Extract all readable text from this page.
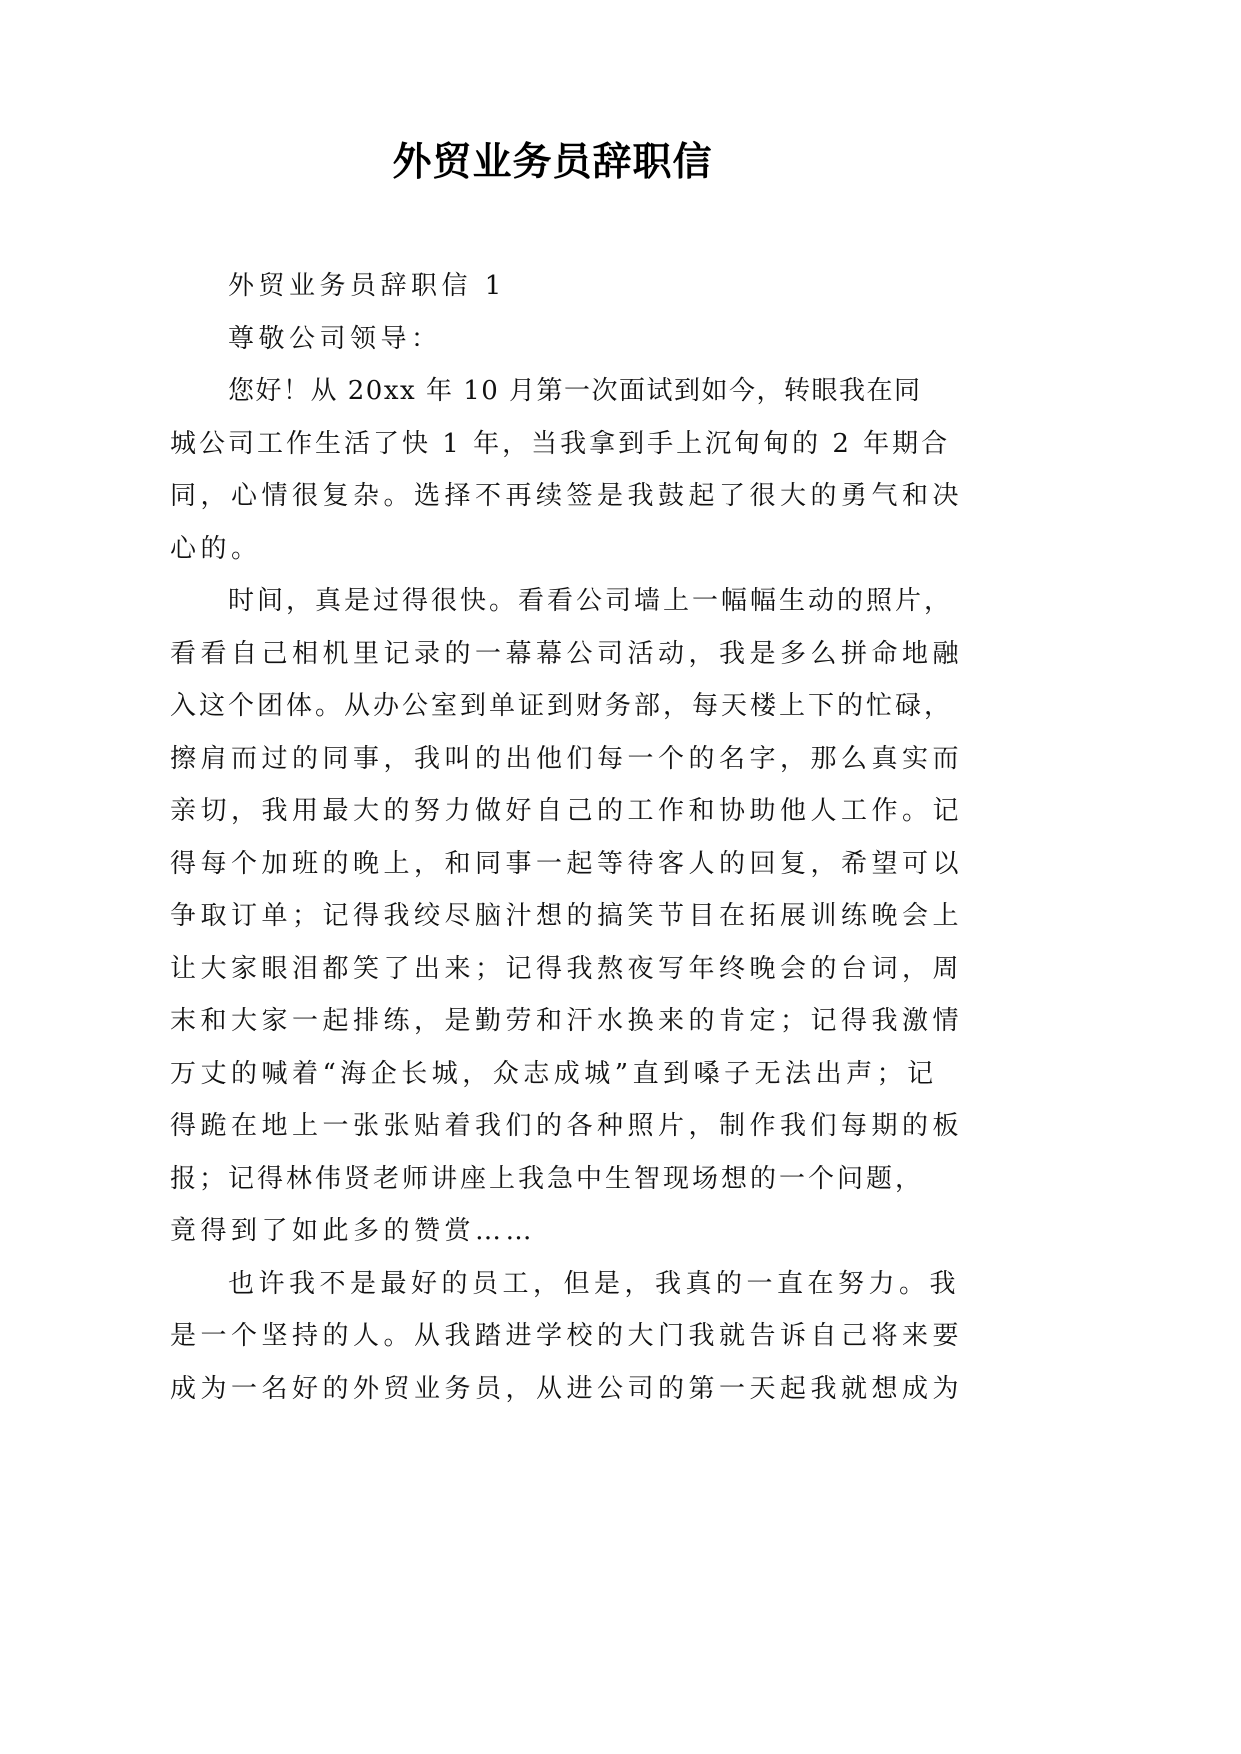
外贸业务员辞职信
外贸业务员辞职信 1
尊敬公司领导：
您好！从 20xx 年 10 月第一次面试到如今，转眼我在同
城公司工作生活了快 1 年，当我拿到手上沉甸甸的 2 年期合
同，心情很复杂。选择不再续签是我鼓起了很大的勇气和决
心的。
时间，真是过得很快。看看公司墙上一幅幅生动的照片，
看看自己相机里记录的一幕幕公司活动，我是多么拼命地融
入这个团体。从办公室到单证到财务部，每天楼上下的忙碌，
擦肩而过的同事，我叫的出他们每一个的名字，那么真实而
亲切，我用最大的努力做好自己的工作和协助他人工作。记
得每个加班的晚上，和同事一起等待客人的回复，希望可以
争取订单；记得我绞尽脑汁想的搞笑节目在拓展训练晚会上
让大家眼泪都笑了出来；记得我熬夜写年终晚会的台词，周
末和大家一起排练，是勤劳和汗水换来的肯定；记得我激情
万丈的喊着“海企长城，众志成城”直到嗓子无法出声；记
得跪在地上一张张贴着我们的各种照片，制作我们每期的板
报；记得林伟贤老师讲座上我急中生智现场想的一个问题，
竟得到了如此多的赞赏……
也许我不是最好的员工，但是，我真的一直在努力。我
是一个坚持的人。从我踏进学校的大门我就告诉自己将来要
成为一名好的外贸业务员，从进公司的第一天起我就想成为
